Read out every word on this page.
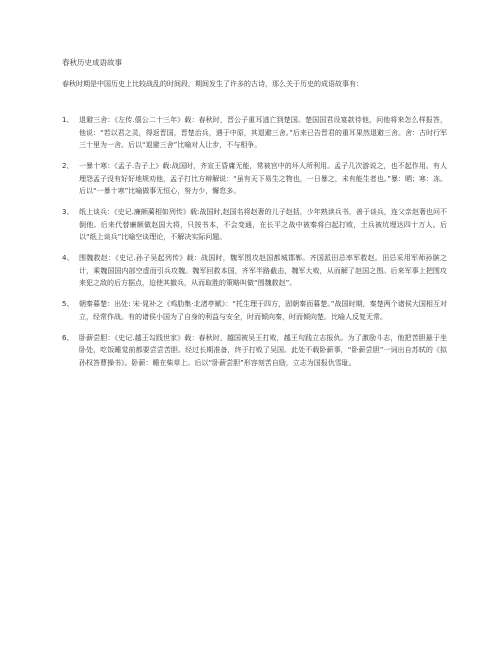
春秋历史成语故事
春秋时期是中国历史上比较战乱的时间段，期间发生了许多的古诗，那么关于历史的成语故事有：
1、 退避三舍：《左传.僖公二十三年》载：春秋时，晋公子重耳逃亡到楚国。楚国国君设宴款待他，问他将来怎么样报答，他说：“若以君之灵，得返晋国，晋楚治兵，遇于中原，其退避三舍。”后来已告晋君的重耳果然退避三舍。舍：古时行军三十里为一舍。后以“退避三舍”比喻对人让步，不与相争。
2、 一暴十寒：《孟子.告子上》载:战国时，齐宣王昏庸无能，常被宫中的坏人所利用。孟子几次游说之，也不起作用。有人埋怨孟子没有好好地规劝他，孟子打比方辩解说：“虽有天下易生之物也，一日暴之，未有能生者也。”暴：晒；寒：冻。后以“一暴十寒”比喻做事无恒心，努力少，懈怠多。
3、 纸上谈兵：《史记.廉颇蔺相如列传》载:战国时,赵国名将赵奢的儿子赵括，少年熟读兵书，善于谈兵，连父亲赵奢也问不倒他。后来代替廉颇做赵国大将，只按书本，不会变通，在长平之战中被秦将白起打败，士兵被坑埋达四十万人。后以“纸上谈兵”比喻空谈理论，不解决实际问题。
4、 围魏救赵：《史记.孙子吴起列传》载：战国时，魏军围攻赵国都城邯郸。齐国派田忌率军救赵。田忌采用军师孙膑之计，乘魏国国内部空虚而引兵攻魏。魏军回救本国，齐军半路截击，魏军大败，从而解了赵国之围。后来军事上把围攻来犯之敌的后方据点，迫使其撤兵，从而取胜的策略叫做“围魏救赵”。
5、 朝秦暮楚：出处: 宋·晁补之《鸡肋集·北渚亭赋》：“托生理于四方，固朝秦而暮楚。”战国时期，秦楚两个诸侯大国相互对立，经常作战。有的诸侯小国为了自身的利益与安全，时而倾向秦，时而倾向楚。比喻人反复无常。
6、 卧薪尝胆：《史记.越王勾践世家》载：春秋时，越国被吴王打败，越王句践立志报仇。为了激励斗志，他把苦胆悬于坐卧处，吃饭睡觉前都要尝尝苦胆。经过长期准备，终于打败了吴国。此处不载卧薪事，“卧薪尝胆”一词出自苏轼的《拟孙权答曹操书》。卧薪：睡在柴草上。后以“卧薪尝胆”形容刻苦自励，立志为国报仇雪耻。
